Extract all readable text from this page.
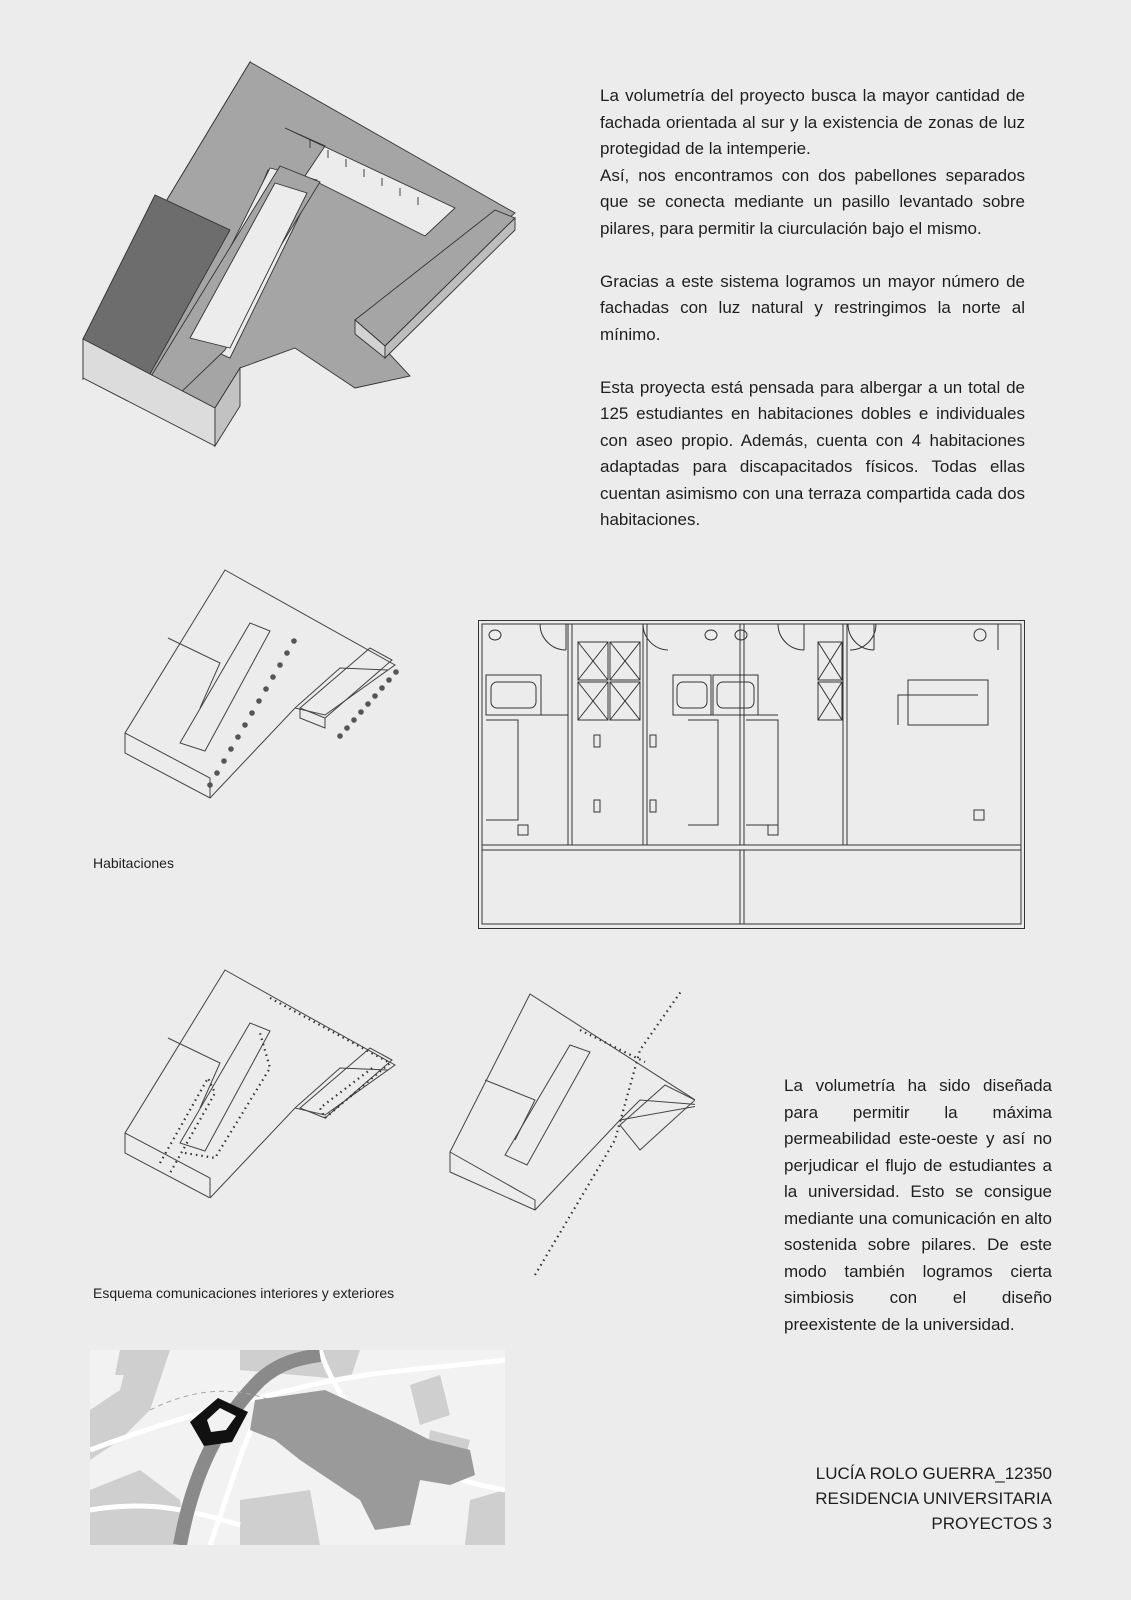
La volumetría del proyecto busca la mayor cantidad de fachada orientada al sur y la existencia de zonas de luz protegidad de la intemperie.

Así, nos encontramos con dos pabellones separados que se conecta mediante un pasillo levantado sobre pilares, para permitir la ciurculación bajo el mismo.

Gracias a este sistema logramos un mayor número de fachadas con luz natural y restringimos la norte al mínimo.

Esta proyecta está pensada para albergar a un total de 125 estudiantes en habitaciones dobles e individuales con aseo propio. Además, cuenta con 4 habitaciones adaptadas para discapacitados físicos. Todas ellas cuentan asimismo con una terraza compartida cada dos habitaciones.

Habitaciones
Esquema comunicaciones interiores y exteriores
La volumetría ha sido diseñada para permitir la máxima permeabilidad este-oeste y así no perjudicar el flujo de estudiantes a la universidad. Esto se consigue mediante una comunicación en alto sostenida sobre pilares. De este modo también logramos cierta simbiosis con el diseño preexistente de la universidad.
LUCÍA ROLO GUERRA_12350
RESIDENCIA UNIVERSITARIA
PROYECTOS 3
